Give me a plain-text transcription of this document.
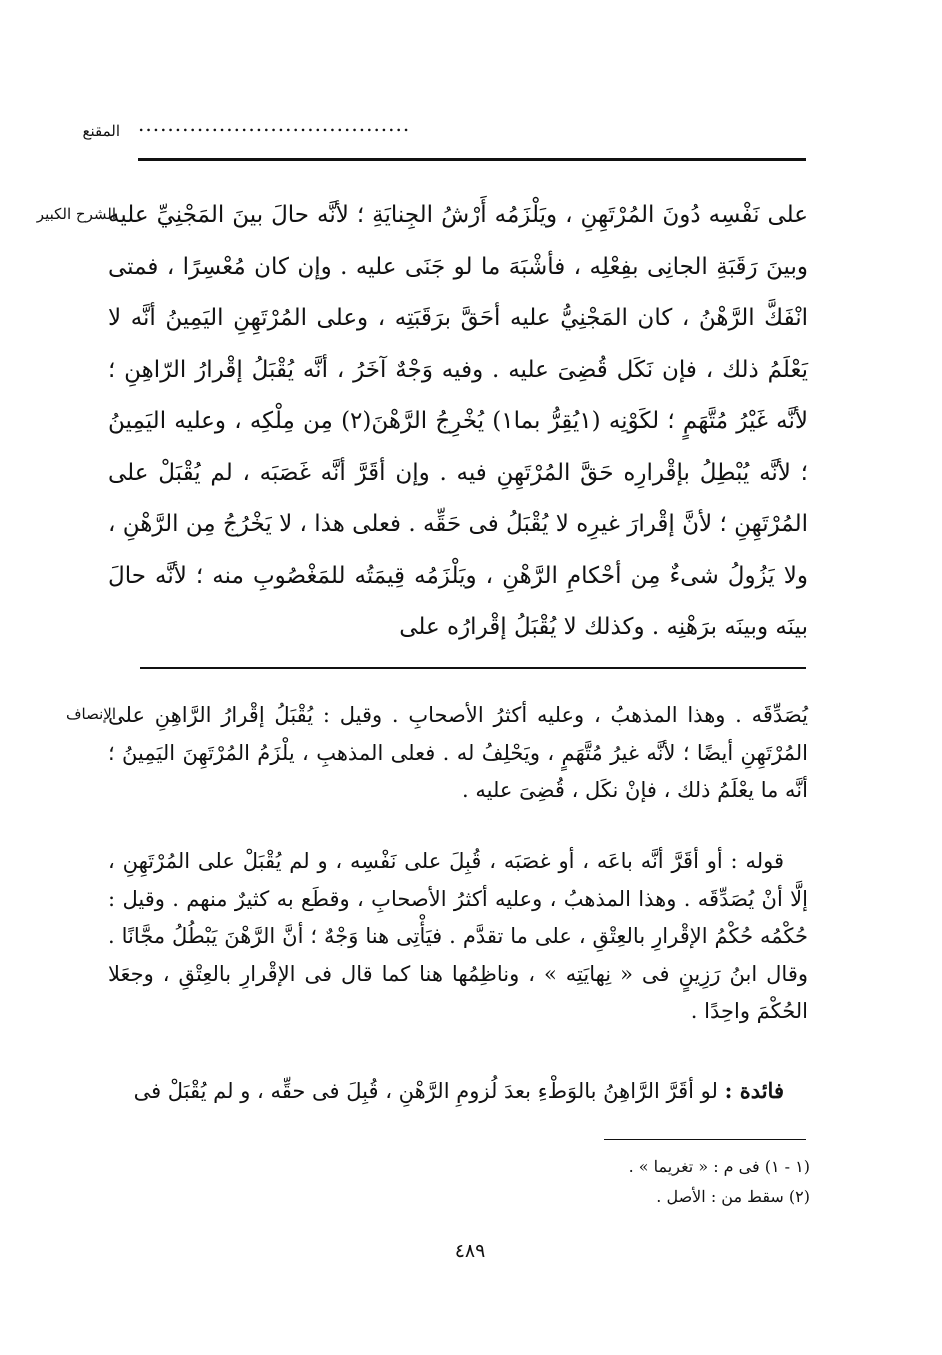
المقنع .....................................
الشرح الكبير
على نَفْسِه دُونَ المُرْتَهِنِ ، ويَلْزَمُه أَرْشُ الجِنايَةِ ؛ لأنَّه حالَ بينَ المَجْنِيِّ عليه وبينَ رَقَبَةِ الجانِى بفِعْلِه ، فأشْبَهَ ما لو جَنَى عليه . وإن كان مُعْسِرًا ، فمتى انْفَكَّ الرَّهْنُ ، كان المَجْنِيُّ عليه أحَقَّ برَقَبَتِه ، وعلى المُرْتَهِنِ اليَمِينُ أنَّه لا يَعْلَمُ ذلك ، فإن نَكَل قُضِىَ عليه . وفيه وَجْهٌ آخَرُ ، أنَّه يُقْبَلُ إقْرارُ الرّاهِنِ ؛ لأنَّه غَيْرُ مُتَّهَمٍ ؛ لكَوْنِه (١يُقِرُّ بما١) يُخْرِجُ الرَّهْنَ(٢) مِن مِلْكِه ، وعليه اليَمِينُ ؛ لأنَّه يُبْطِلُ بإقْرارِه حَقَّ المُرْتَهِنِ فيه . وإن أقَرَّ أنَّه غَصَبَه ، لم يُقْبَلْ على المُرْتَهِنِ ؛ لأنَّ إقْرارَ غيرِه لا يُقْبَلُ فى حَقِّه . فعلى هذا ، لا يَخْرُجُ مِن الرَّهْنِ ، ولا يَزُولُ شىءٌ مِن أحْكامِ الرَّهْنِ ، ويَلْزَمُه قِيمَتُه للمَغْصُوبِ منه ؛ لأنَّه حالَ بينَه وبينَه برَهْنِه . وكذلك لا يُقْبَلُ إقْرارُه على
الإنصاف
يُصَدِّقَه . وهذا المذهبُ ، وعليه أكثرُ الأصحابِ . وقيل : يُقْبَلُ إقْرارُ الرَّاهِنِ على المُرْتَهِنِ أيضًا ؛ لأنَّه غيرُ مُتَّهَمٍ ، ويَحْلِفُ له . فعلى المذهبِ ، يلْزَمُ المُرْتَهِنَ اليَمِينُ ؛ أنَّه ما يعْلَمُ ذلك ، فإنْ نكَل ، قُضِىَ عليه .
قوله : أو أقَرَّ أنَّه باعَه ، أو غصَبَه ، قُبِلَ على نَفْسِه ، و لم يُقْبَلْ على المُرْتَهِنِ ، إلَّا أنْ يُصَدِّقَه . وهذا المذهبُ ، وعليه أكثرُ الأصحابِ ، وقطَع به كثيرٌ منهم . وقيل : حُكْمُه حُكْمُ الإقْرارِ بالعِتْقِ ، على ما تقدَّم . فيَأْتِى هنا وَجْهٌ ؛ أنَّ الرَّهْنَ يَبْطُلُ مجَّانًا . وقال ابنُ رَزِينٍ فى « نِهايَتِه » ، وناظِمُها هنا كما قال فى الإقْرارِ بالعِتْقِ ، وجعَلا الحُكْمَ واحِدًا .
فائدة : لو أقَرَّ الرَّاهِنُ بالوَطْءِ بعدَ لُزومِ الرَّهْنِ ، قُبِلَ فى حقِّه ، و لم يُقْبَلْ فى
(١ - ١) فى م : « تغريما » .
(٢) سقط من : الأصل .
٤٨٩
